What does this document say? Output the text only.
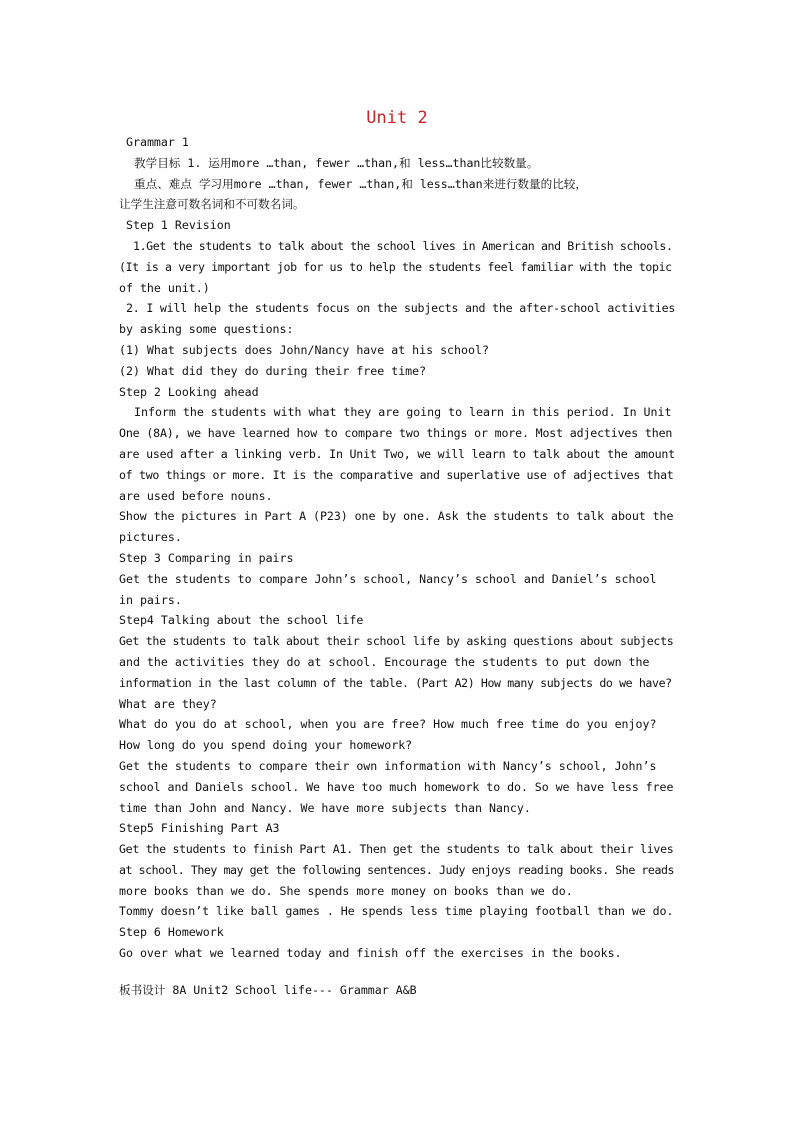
Unit 2
Grammar 1
教学目标 1. 运用more …than, fewer …than,和 less…than比较数量。
重点、难点 学习用more …than, fewer …than,和 less…than来进行数量的比较，
让学生注意可数名词和不可数名词。
Step 1 Revision
1.Get the students to talk about the school lives in American and British schools.
(It is a very important job for us to help the students feel familiar with the topic
of the unit.)
2. I will help the students focus on the subjects and the after-school activities
by asking some questions:
(1) What subjects does John/Nancy have at his school?
(2) What did they do during their free time?
Step 2 Looking ahead
Inform the students with what they are going to learn in this period. In Unit
One (8A), we have learned how to compare two things or more. Most adjectives then
are used after a linking verb. In Unit Two, we will learn to talk about the amount
of two things or more. It is the comparative and superlative use of adjectives that
are used before nouns.
Show the pictures in Part A (P23) one by one. Ask the students to talk about the
pictures.
Step 3 Comparing in pairs
Get the students to compare John’s school, Nancy’s school and Daniel’s school
in pairs.
Step4 Talking about the school life
Get the students to talk about their school life by asking questions about subjects
and the activities they do at school. Encourage the students to put down the
information in the last column of the table. (Part A2) How many subjects do we have?
What are they?
What do you do at school, when you are free? How much free time do you enjoy?
How long do you spend doing your homework?
Get the students to compare their own information with Nancy’s school, John’s
school and Daniels school. We have too much homework to do. So we have less free
time than John and Nancy. We have more subjects than Nancy.
Step5 Finishing Part A3
Get the students to finish Part A1. Then get the students to talk about their lives
at school. They may get the following sentences. Judy enjoys reading books. She reads
more books than we do. She spends more money on books than we do.
Tommy doesn’t like ball games . He spends less time playing football than we do.
Step 6 Homework
Go over what we learned today and finish off the exercises in the books.
板书设计 8A Unit2 School life--- Grammar A&B
